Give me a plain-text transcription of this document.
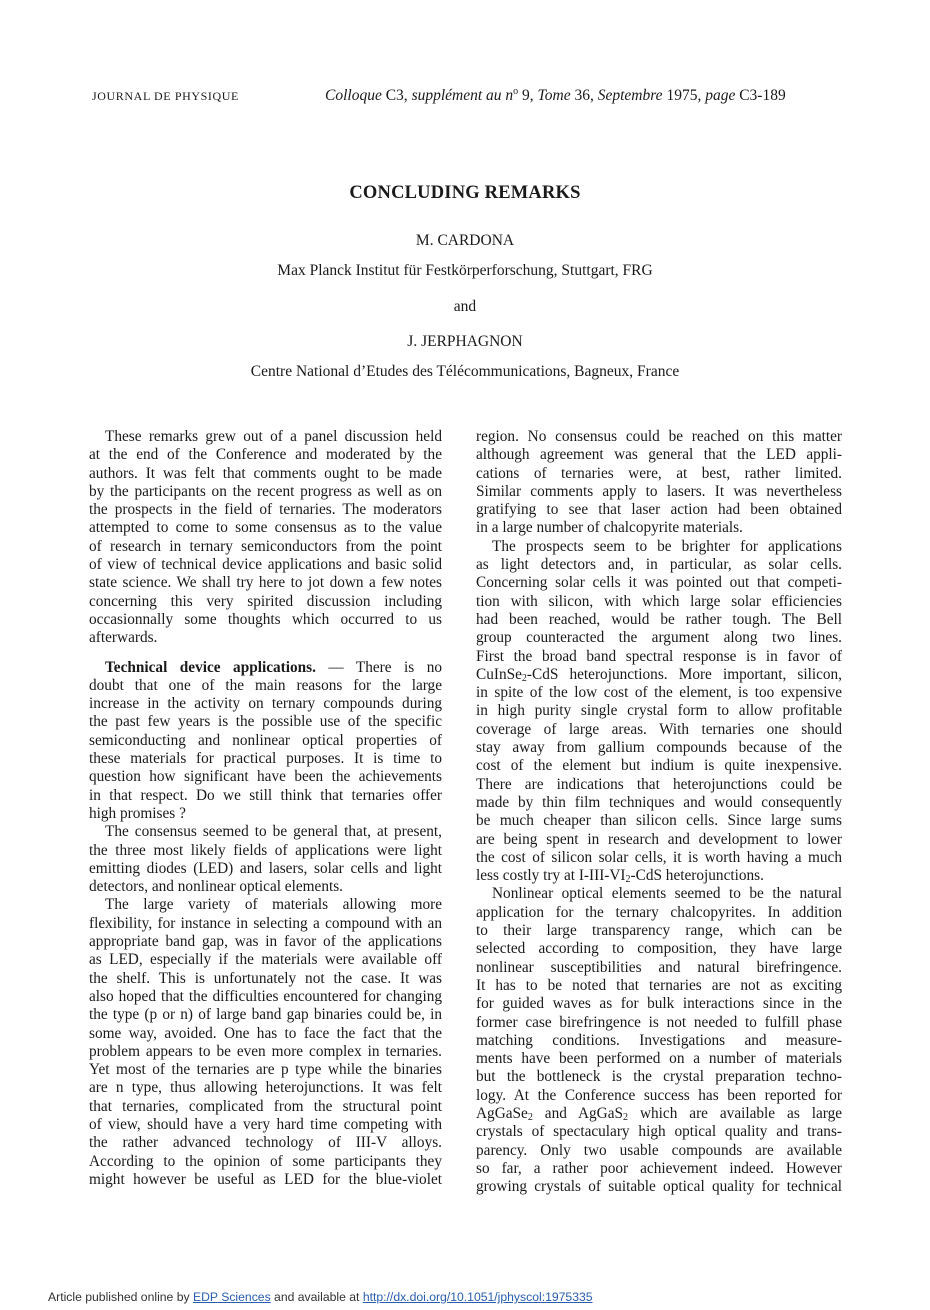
JOURNAL DE PHYSIQUE	Colloque C3, supplément au $n^o$ 9, Tome 36, Septembre 1975, page C3-189
CONCLUDING REMARKS
M. CARDONA
Max Planck Institut für Festkörperforschung, Stuttgart, FRG
and
J. JERPHAGNON
Centre National d’Etudes des Télécommunications, Bagneux, France
These remarks grew out of a panel discussion held
at the end of the Conference and moderated by the
authors. It was felt that comments ought to be made
by the participants on the recent progress as well as on
the prospects in the field of ternaries. The moderators
attempted to come to some consensus as to the value
of research in ternary semiconductors from the point
of view of technical device applications and basic solid
state science. We shall try here to jot down a few notes
concerning this very spirited discussion including
occasionnally some thoughts which occurred to us
afterwards.
Technical device applications. — There is no
doubt that one of the main reasons for the large
increase in the activity on ternary compounds during
the past few years is the possible use of the specific
semiconducting and nonlinear optical properties of
these materials for practical purposes. It is time to
question how significant have been the achievements
in that respect. Do we still think that ternaries offer
high promises ?
The consensus seemed to be general that, at present,
the three most likely fields of applications were light
emitting diodes (LED) and lasers, solar cells and light
detectors, and nonlinear optical elements.
The large variety of materials allowing more
flexibility, for instance in selecting a compound with an
appropriate band gap, was in favor of the applications
as LED, especially if the materials were available off
the shelf. This is unfortunately not the case. It was
also hoped that the difficulties encountered for changing
the type (p or n) of large band gap binaries could be, in
some way, avoided. One has to face the fact that the
problem appears to be even more complex in ternaries.
Yet most of the ternaries are p type while the binaries
are n type, thus allowing heterojunctions. It was felt
that ternaries, complicated from the structural point
of view, should have a very hard time competing with
the rather advanced technology of III-V alloys.
According to the opinion of some participants they
might however be useful as LED for the blue-violet
region. No consensus could be reached on this matter
although agreement was general that the LED appli-
cations of ternaries were, at best, rather limited.
Similar comments apply to lasers. It was nevertheless
gratifying to see that laser action had been obtained
in a large number of chalcopyrite materials.
The prospects seem to be brighter for applications
as light detectors and, in particular, as solar cells.
Concerning solar cells it was pointed out that competi-
tion with silicon, with which large solar efficiencies
had been reached, would be rather tough. The Bell
group counteracted the argument along two lines.
First the broad band spectral response is in favor of
CuInSe$_2$-CdS heterojunctions. More important, silicon,
in spite of the low cost of the element, is too expensive
in high purity single crystal form to allow profitable
coverage of large areas. With ternaries one should
stay away from gallium compounds because of the
cost of the element but indium is quite inexpensive.
There are indications that heterojunctions could be
made by thin film techniques and would consequently
be much cheaper than silicon cells. Since large sums
are being spent in research and development to lower
the cost of silicon solar cells, it is worth having a much
less costly try at $I-III-VI_2$-CdS heterojunctions.
Nonlinear optical elements seemed to be the natural
application for the ternary chalcopyrites. In addition
to their large transparency range, which can be
selected according to composition, they have large
nonlinear susceptibilities and natural birefringence.
It has to be noted that ternaries are not as exciting
for guided waves as for bulk interactions since in the
former case birefringence is not needed to fulfill phase
matching conditions. Investigations and measure-
ments have been performed on a number of materials
but the bottleneck is the crystal preparation techno-
logy. At the Conference success has been reported for
AgGaSe$_2$ and AgGaS$_2$ which are available as large
crystals of spectaculary high optical quality and trans-
parency. Only two usable compounds are available
so far, a rather poor achievement indeed. However
growing crystals of suitable optical quality for technical
Article published online by EDP Sciences and available at http://dx.doi.org/10.1051/jphyscol:1975335
